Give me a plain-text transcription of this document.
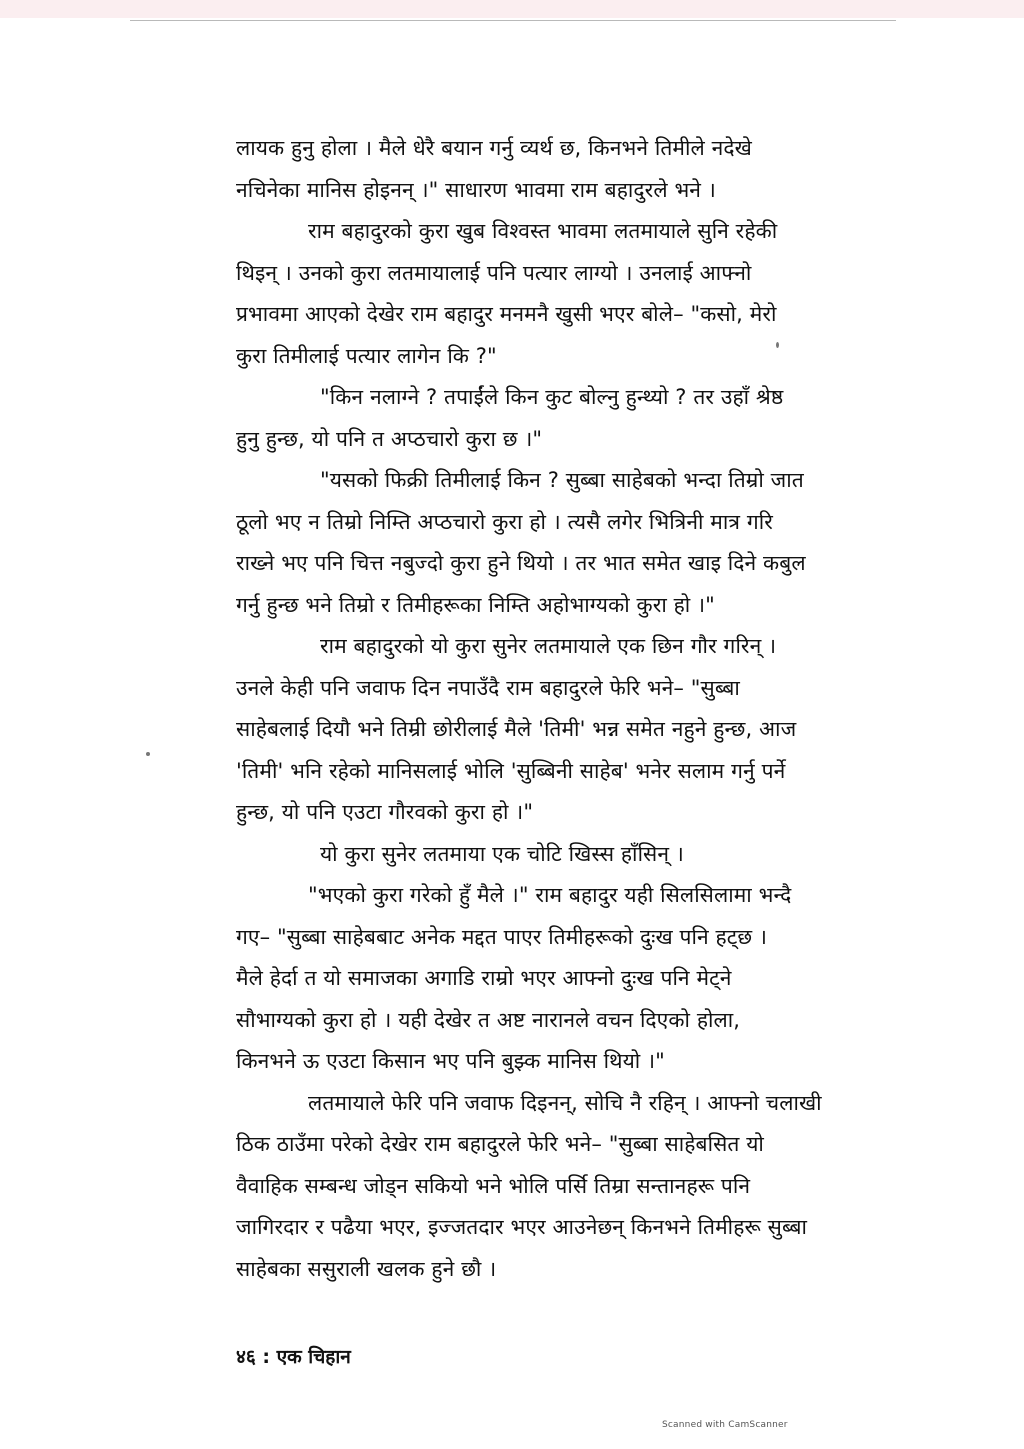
लायक हुनु होला । मैले धेरै बयान गर्नु व्यर्थ छ, किनभने तिमीले नदेखे
नचिनेका मानिस होइनन् ।" साधारण भावमा राम बहादुरले भने ।
राम बहादुरको कुरा खुब विश्वस्त भावमा लतमायाले सुनि रहेकी
थिइन् । उनको कुरा लतमायालाई पनि पत्यार लाग्यो । उनलाई आफ्नो
प्रभावमा आएको देखेर राम बहादुर मनमनै खुसी भएर बोले– "कसो, मेरो
कुरा तिमीलाई पत्यार लागेन कि ?"
"किन नलाग्ने ? तपाईंले किन कुट बोल्नु हुन्थ्यो ? तर उहाँ श्रेष्ठ
हुनु हुन्छ, यो पनि त अप्ठचारो कुरा छ ।"
"यसको फिक्री तिमीलाई किन ? सुब्बा साहेबको भन्दा तिम्रो जात
ठूलो भए न तिम्रो निम्ति अप्ठचारो कुरा हो । त्यसै लगेर भित्रिनी मात्र गरि
राख्ने भए पनि चित्त नबुज्दो कुरा हुने थियो । तर भात समेत खाइ दिने कबुल
गर्नु हुन्छ भने तिम्रो र तिमीहरूका निम्ति अहोभाग्यको कुरा हो ।"
राम बहादुरको यो कुरा सुनेर लतमायाले एक छिन गौर गरिन् ।
उनले केही पनि जवाफ दिन नपाउँदै राम बहादुरले फेरि भने– "सुब्बा
साहेबलाई दियौ भने तिम्री छोरीलाई मैले 'तिमी' भन्न समेत नहुने हुन्छ, आज
'तिमी' भनि रहेको मानिसलाई भोलि 'सुब्बिनी साहेब' भनेर सलाम गर्नु पर्ने
हुन्छ, यो पनि एउटा गौरवको कुरा हो ।"
यो कुरा सुनेर लतमाया एक चोटि खिस्स हाँसिन् ।
"भएको कुरा गरेको हुँ मैले ।" राम बहादुर यही सिलसिलामा भन्दै
गए– "सुब्बा साहेबबाट अनेक मद्दत पाएर तिमीहरूको दुःख पनि हट्छ ।
मैले हेर्दा त यो समाजका अगाडि राम्रो भएर आफ्नो दुःख पनि मेट्ने
सौभाग्यको कुरा हो । यही देखेर त अष्ट नारानले वचन दिएको होला,
किनभने ऊ एउटा किसान भए पनि बुझ्क मानिस थियो ।"
लतमायाले फेरि पनि जवाफ दिइनन्, सोचि नै रहिन् । आफ्नो चलाखी
ठिक ठाउँमा परेको देखेर राम बहादुरले फेरि भने– "सुब्बा साहेबसित यो
वैवाहिक सम्बन्ध जोड्न सकियो भने भोलि पर्सि तिम्रा सन्तानहरू पनि
जागिरदार र पढैया भएर, इज्जतदार भएर आउनेछन् किनभने तिमीहरू सुब्बा
साहेबका ससुराली खलक हुने छौ ।
४६ : एक चिहान
Scanned with CamScanner
